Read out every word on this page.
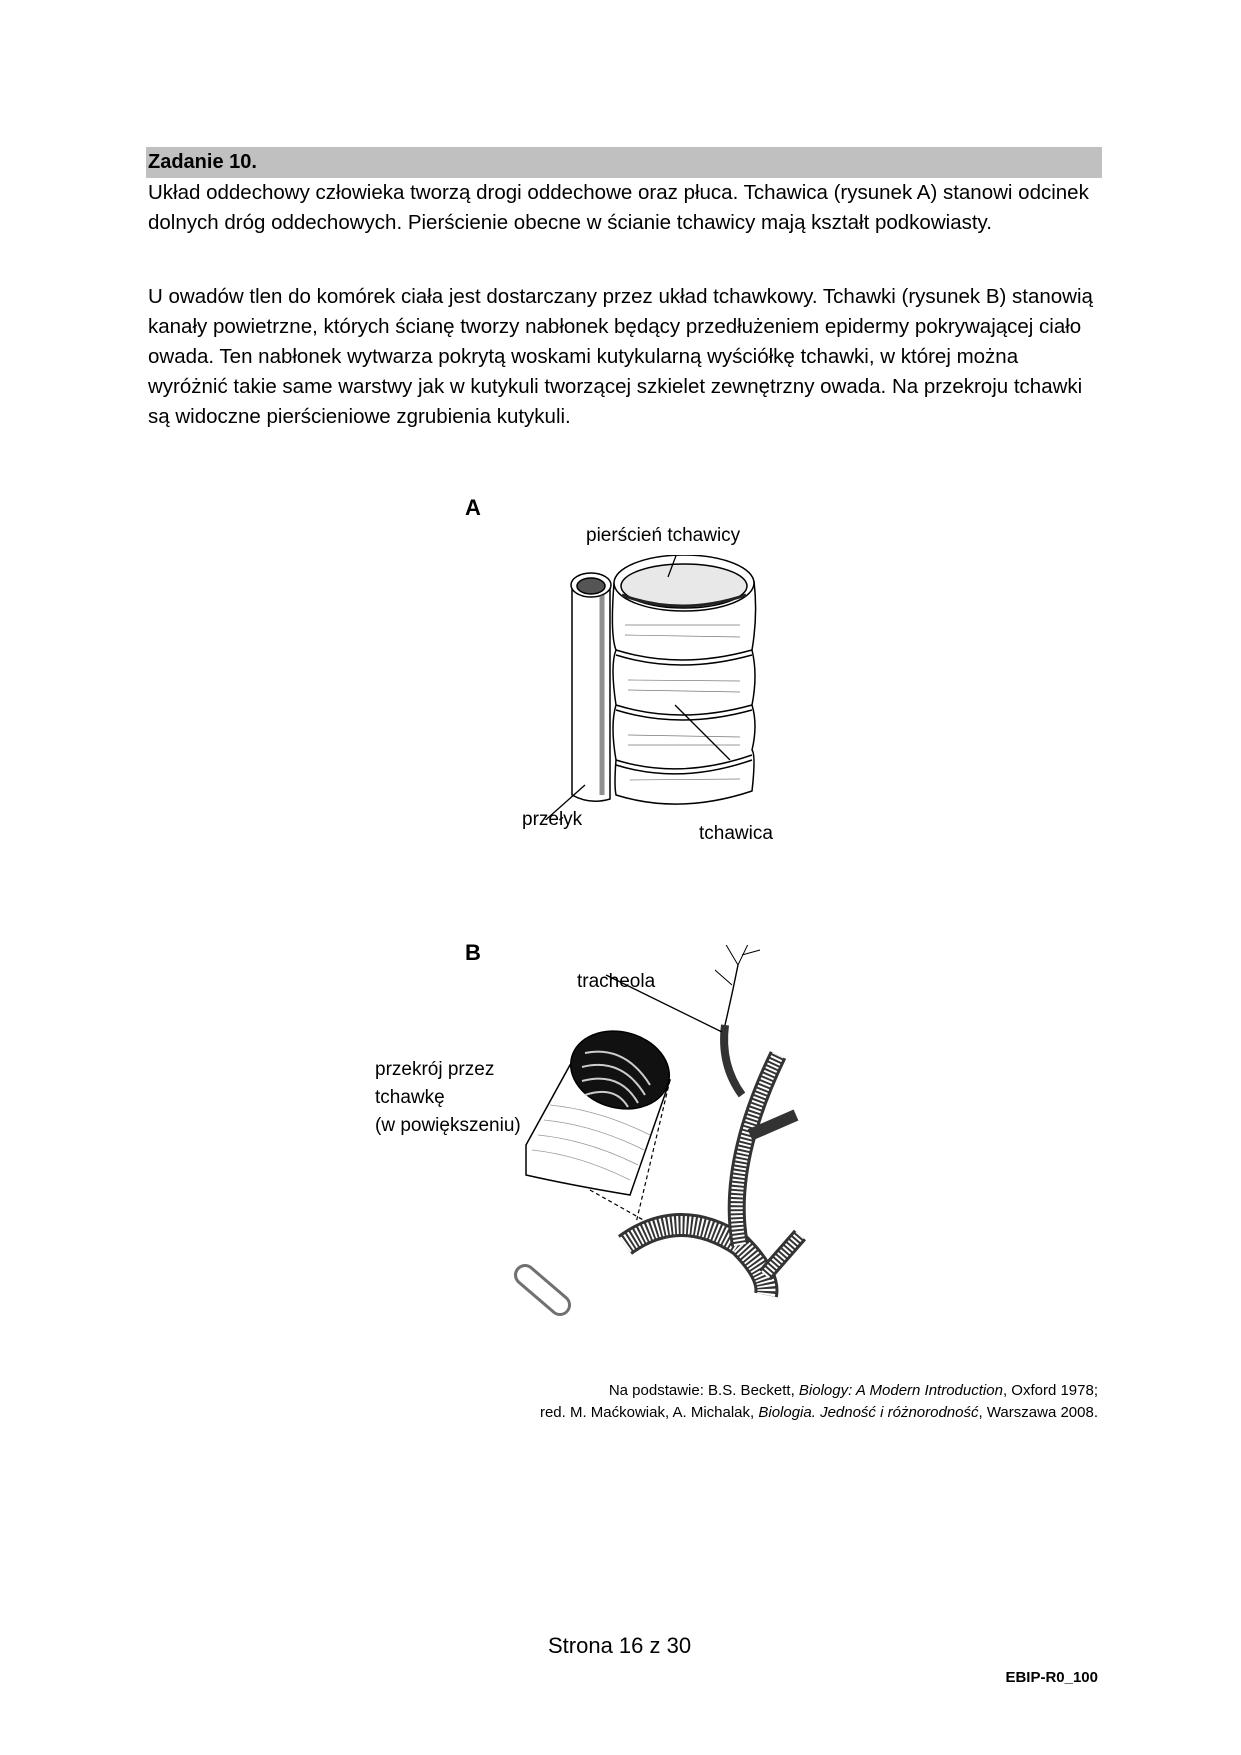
Zadanie 10.

Układ oddechowy człowieka tworzą drogi oddechowe oraz płuca. Tchawica (rysunek A) stanowi odcinek dolnych dróg oddechowych. Pierścienie obecne w ścianie tchawicy mają kształt podkowiasty.

U owadów tlen do komórek ciała jest dostarczany przez układ tchawkowy. Tchawki (rysunek B) stanowią kanały powietrzne, których ścianę tworzy nabłonek będący przedłużeniem epidermy pokrywającej ciało owada. Ten nabłonek wytwarza pokrytą woskami kutykularną wyściółkę tchawki, w której można wyróżnić takie same warstwy jak w kutykuli tworzącej szkielet zewnętrzny owada. Na przekroju tchawki są widoczne pierścieniowe zgrubienia kutykuli.

A
pierścień tchawicy
przełyk
tchawica
B
tracheola
przekrój przez
tchawkę
(w powiększeniu)
Na podstawie: B.S. Beckett, Biology: A Modern Introduction, Oxford 1978;
red. M. Maćkowiak, A. Michalak, Biologia. Jedność i różnorodność, Warszawa 2008.
Strona 16 z 30
EBIP-R0_100
